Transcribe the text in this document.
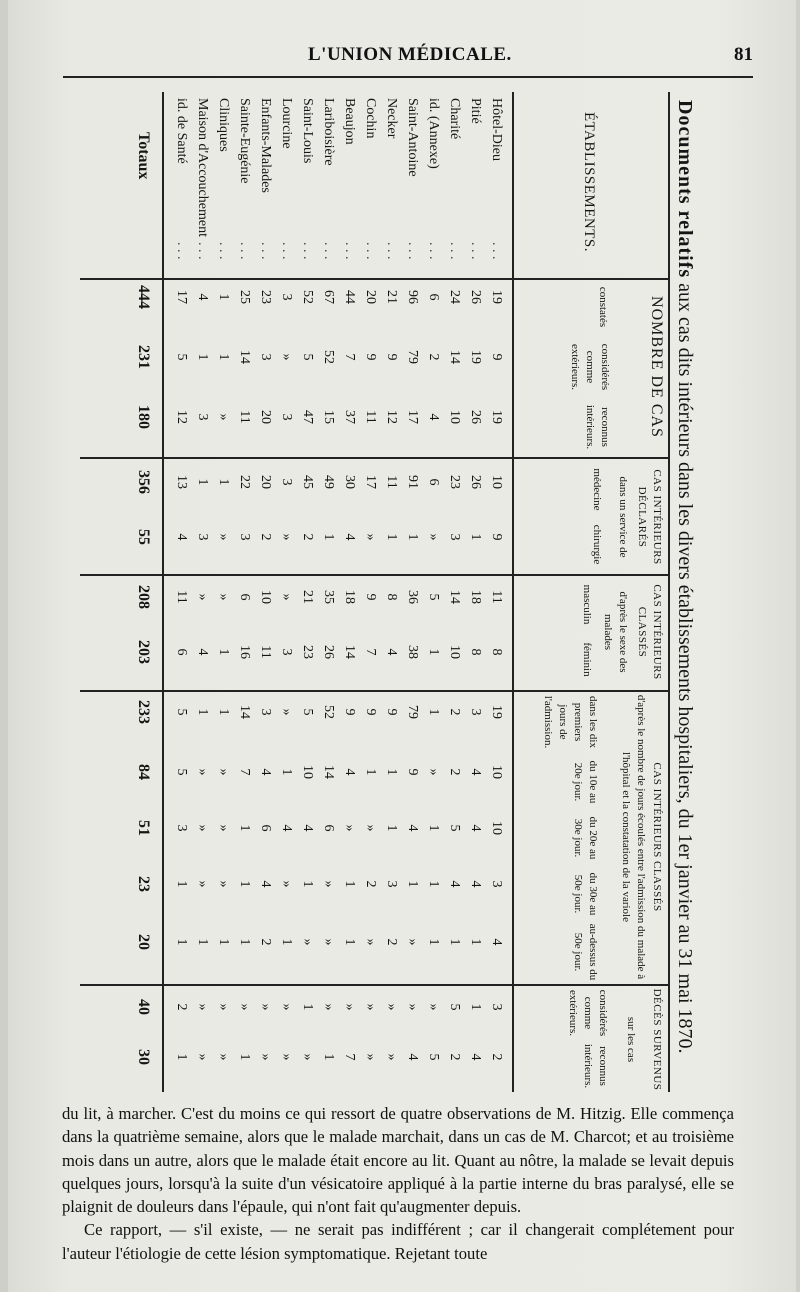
L'UNION MÉDICALE.	81
Documents relatifs aux cas dits intérieurs dans les divers établissements hospitaliers, du 1er janvier au 31 mai 1870.
ÉTABLISSEMENTS.
NOMBRE DE CAS
constatés
considérés comme extérieurs.
reconnus intérieurs.
CAS INTÉRIEURS DÉCLARÉS
dans un service de
médecine
chirurgie
CAS INTÉRIEURS CLASSÉS
d'après le sexe des malades
masculin
féminin
CAS INTÉRIEURS CLASSÉS
d'après le nombre de jours écoulés entre l'admission du malade à l'hôpital et la constatation de la variole
dans les dix premiers jours de l'admission.
du 10e au 20e jour.
du 20e au 30e jour.
du 30e au 50e jour.
au-dessus du 50e jour.
DÉCÈS SURVENUS
sur les cas
considérés comme extérieurs.
reconnus intérieurs.
Hôtel-Dieu
. . .
19
9
19
10
9
11
8
19
10
10
3
4
3
2
Pitié
. . .
26
19
26
26
1
18
8
3
4
4
4
1
1
4
Charité
. . .
24
14
10
23
3
14
10
2
2
5
4
1
5
2
id. (Annexe)
. . .
6
2
4
6
»
5
1
1
»
1
1
1
»
5
Saint-Antoine
. . .
96
79
17
91
1
36
38
79
9
4
1
»
»
4
Necker
. . .
21
9
12
11
1
8
4
9
1
1
3
2
»
»
Cochin
. . .
20
9
11
17
»
9
7
9
1
»
2
»
»
»
Beaujon
. . .
44
7
37
30
4
18
14
9
4
»
1
1
»
7
Lariboisière
. . .
67
52
15
49
1
35
26
52
14
6
»
»
»
1
Saint-Louis
. . .
52
5
47
45
2
21
23
5
10
4
1
»
1
»
Lourcine
. . .
3
»
3
3
»
»
3
»
1
4
»
1
»
»
Enfants-Malades
. . .
23
3
20
20
2
10
11
3
4
6
4
2
»
»
Sainte-Eugénie
. . .
25
14
11
22
3
6
16
14
7
1
1
1
»
1
Cliniques
. . .
1
1
»
1
»
»
1
1
»
»
»
1
»
»
Maison d'Accouchement
. . .
4
1
3
1
3
»
4
1
»
»
»
1
»
»
id. de Santé
. . .
17
5
12
13
4
11
6
5
5
3
1
1
2
1
Totaux
444
231
180
356
55
208
203
233
84
51
23
20
40
30

du lit, à marcher. C'est du moins ce qui ressort de quatre observations de M. Hitzig. Elle commença dans la quatrième semaine, alors que le malade marchait, dans un cas de M. Charcot; et au troisième mois dans un autre, alors que le malade était encore au lit. Quant au nôtre, la malade se levait depuis quelques jours, lorsqu'à la suite d'un vésicatoire appliqué à la partie interne du bras paralysé, elle se plaignit de douleurs dans l'épaule, qui n'ont fait qu'augmenter depuis.

Ce rapport, — s'il existe, — ne serait pas indifférent ; car il changerait complétement pour l'auteur l'étiologie de cette lésion symptomatique. Rejetant toute
